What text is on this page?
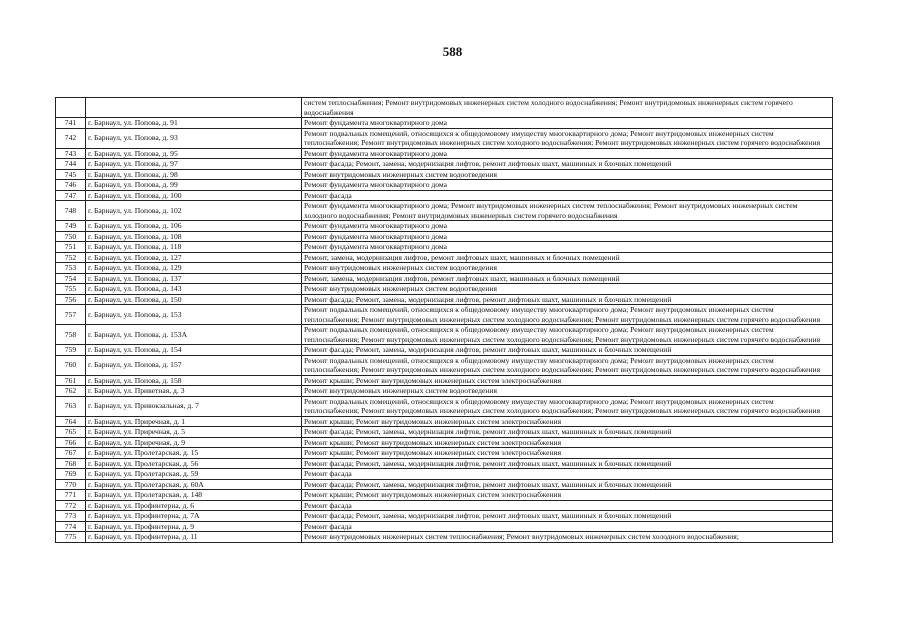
588
		систем теплоснабжения; Ремонт внутридомовых инженерных систем холодного водоснабжения; Ремонт внутридомовых инженерных систем горячего водоснабжения
741	г. Барнаул, ул. Попова, д. 91	Ремонт фундамента многоквартирного дома
742	г. Барнаул, ул. Попова, д. 93	Ремонт подвальных помещений, относящихся к общедомовому имуществу многоквартирного дома; Ремонт внутридомовых инженерных систем теплоснабжения; Ремонт внутридомовых инженерных систем холодного водоснабжения; Ремонт внутридомовых инженерных систем горячего водоснабжения
743	г. Барнаул, ул. Попова, д. 95	Ремонт фундамента многоквартирного дома
744	г. Барнаул, ул. Попова, д. 97	Ремонт фасада; Ремонт, замена, модернизация лифтов, ремонт лифтовых шахт, машинных и блочных помещений
745	г. Барнаул, ул. Попова, д. 98	Ремонт внутридомовых инженерных систем водоотведения
746	г. Барнаул, ул. Попова, д. 99	Ремонт фундамента многоквартирного дома
747	г. Барнаул, ул. Попова, д. 100	Ремонт фасада
748	г. Барнаул, ул. Попова, д. 102	Ремонт фундамента многоквартирного дома; Ремонт внутридомовых инженерных систем теплоснабжения; Ремонт внутридомовых инженерных систем холодного водоснабжения; Ремонт внутридомовых инженерных систем горячего водоснабжения
749	г. Барнаул, ул. Попова, д. 106	Ремонт фундамента многоквартирного дома
750	г. Барнаул, ул. Попова, д. 108	Ремонт фундамента многоквартирного дома
751	г. Барнаул, ул. Попова, д. 118	Ремонт фундамента многоквартирного дома
752	г. Барнаул, ул. Попова, д. 127	Ремонт, замена, модернизация лифтов, ремонт лифтовых шахт, машинных и блочных помещений
753	г. Барнаул, ул. Попова, д. 129	Ремонт внутридомовых инженерных систем водоотведения
754	г. Барнаул, ул. Попова, д. 137	Ремонт, замена, модернизация лифтов, ремонт лифтовых шахт, машинных и блочных помещений
755	г. Барнаул, ул. Попова, д. 143	Ремонт внутридомовых инженерных систем водоотведения
756	г. Барнаул, ул. Попова, д. 150	Ремонт фасада; Ремонт, замена, модернизация лифтов, ремонт лифтовых шахт, машинных и блочных помещений
757	г. Барнаул, ул. Попова, д. 153	Ремонт подвальных помещений, относящихся к общедомовому имуществу многоквартирного дома; Ремонт внутридомовых инженерных систем теплоснабжения; Ремонт внутридомовых инженерных систем холодного водоснабжения; Ремонт внутридомовых инженерных систем горячего водоснабжения
758	г. Барнаул, ул. Попова, д. 153А	Ремонт подвальных помещений, относящихся к общедомовому имуществу многоквартирного дома; Ремонт внутридомовых инженерных систем теплоснабжения; Ремонт внутридомовых инженерных систем холодного водоснабжения; Ремонт внутридомовых инженерных систем горячего водоснабжения
759	г. Барнаул, ул. Попова, д. 154	Ремонт фасада; Ремонт, замена, модернизация лифтов, ремонт лифтовых шахт, машинных и блочных помещений
760	г. Барнаул, ул. Попова, д. 157	Ремонт подвальных помещений, относящихся к общедомовому имуществу многоквартирного дома; Ремонт внутридомовых инженерных систем теплоснабжения; Ремонт внутридомовых инженерных систем холодного водоснабжения; Ремонт внутридомовых инженерных систем горячего водоснабжения
761	г. Барнаул, ул. Попова, д. 158	Ремонт крыши; Ремонт внутридомовых инженерных систем электроснабжения
762	г. Барнаул, ул. Приветная, д. 3	Ремонт внутридомовых инженерных систем водоотведения
763	г. Барнаул, ул. Привокзальная, д. 7	Ремонт подвальных помещений, относящихся к общедомовому имуществу многоквартирного дома; Ремонт внутридомовых инженерных систем теплоснабжения; Ремонт внутридомовых инженерных систем холодного водоснабжения; Ремонт внутридомовых инженерных систем горячего водоснабжения
764	г. Барнаул, ул. Приречная, д. 1	Ремонт крыши; Ремонт внутридомовых инженерных систем электроснабжения
765	г. Барнаул, ул. Приречная, д. 5	Ремонт фасада; Ремонт, замена, модернизация лифтов, ремонт лифтовых шахт, машинных и блочных помещений
766	г. Барнаул, ул. Приречная, д. 9	Ремонт крыши; Ремонт внутридомовых инженерных систем электроснабжения
767	г. Барнаул, ул. Пролетарская, д. 15	Ремонт крыши; Ремонт внутридомовых инженерных систем электроснабжения
768	г. Барнаул, ул. Пролетарская, д. 56	Ремонт фасада; Ремонт, замена, модернизация лифтов, ремонт лифтовых шахт, машинных и блочных помещений
769	г. Барнаул, ул. Пролетарская, д. 59	Ремонт фасада
770	г. Барнаул, ул. Пролетарская, д. 60А	Ремонт фасада; Ремонт, замена, модернизация лифтов, ремонт лифтовых шахт, машинных и блочных помещений
771	г. Барнаул, ул. Пролетарская, д. 148	Ремонт крыши; Ремонт внутридомовых инженерных систем электроснабжения
772	г. Барнаул, ул. Профинтерна, д. 6	Ремонт фасада
773	г. Барнаул, ул. Профинтерна, д. 7А	Ремонт фасада; Ремонт, замена, модернизация лифтов, ремонт лифтовых шахт, машинных и блочных помещений
774	г. Барнаул, ул. Профинтерна, д. 9	Ремонт фасада
775	г. Барнаул, ул. Профинтерна, д. 11	Ремонт внутридомовых инженерных систем теплоснабжения; Ремонт внутридомовых инженерных систем холодного водоснабжения;
